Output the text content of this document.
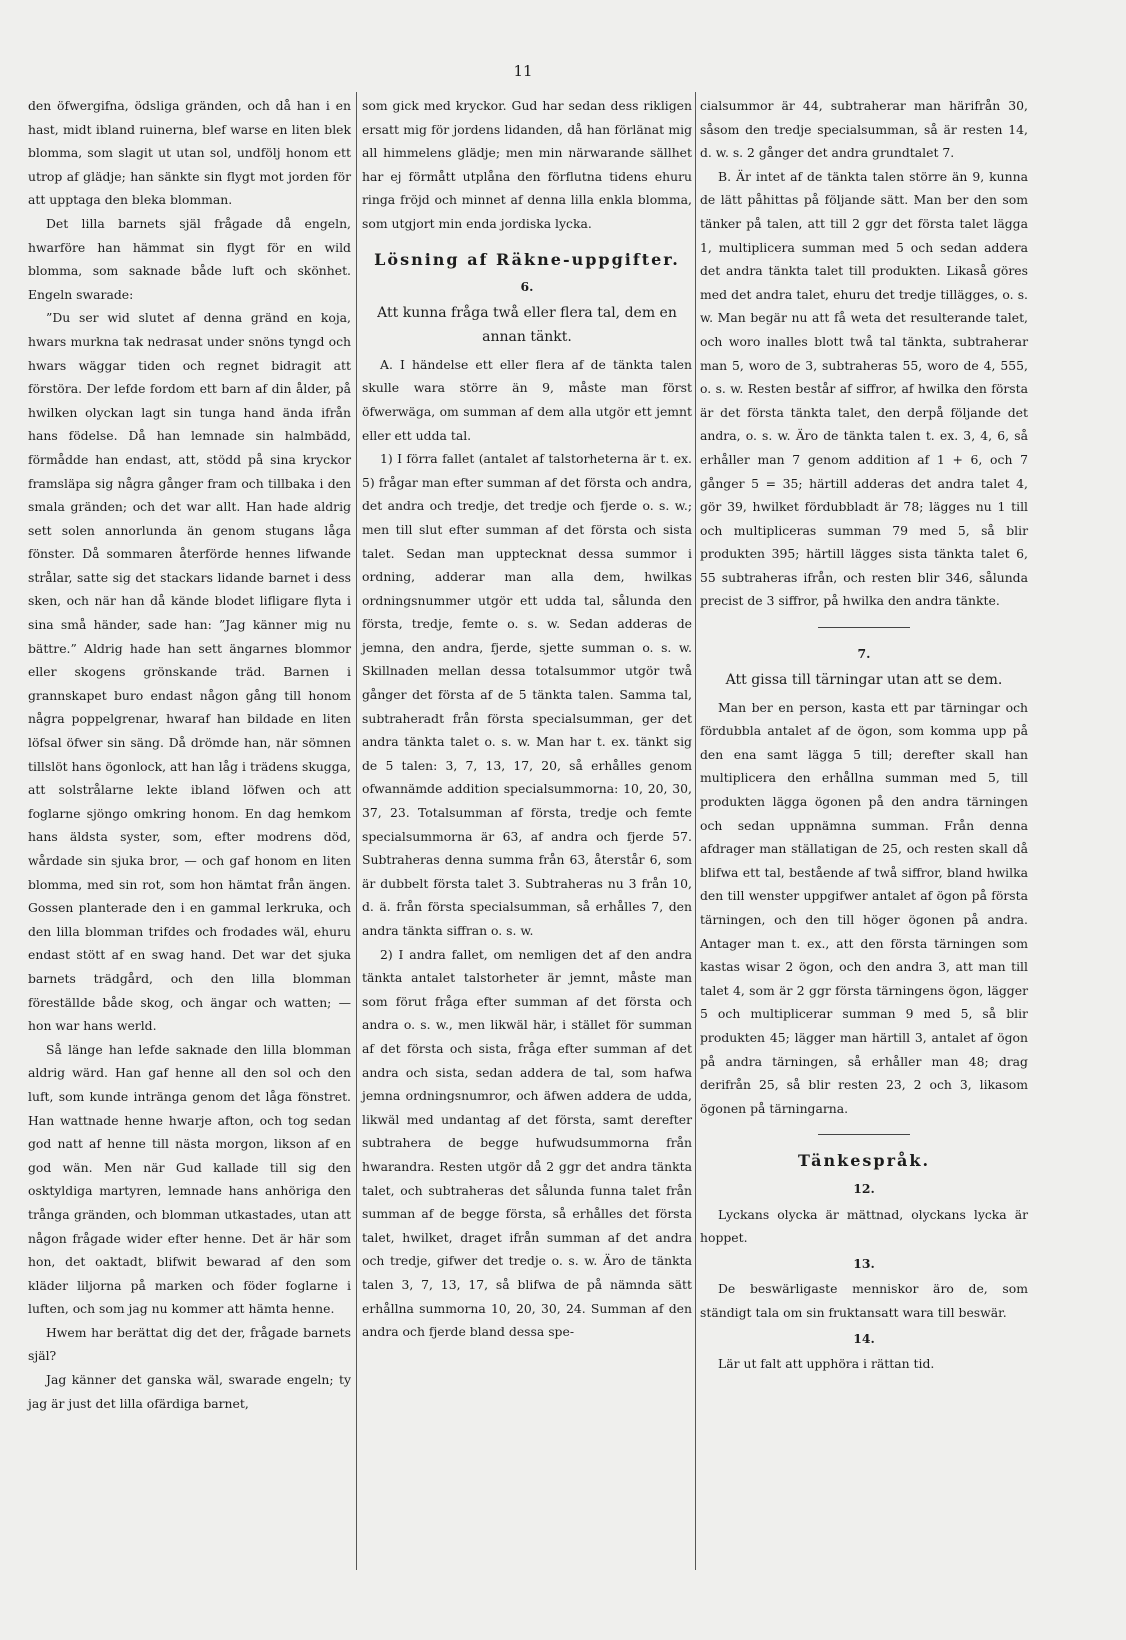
11

den öfwergifna, ödsliga gränden, och då han i en hast, midt ibland ruinerna, blef warse en liten blek blomma, som slagit ut utan sol, undfölj honom ett utrop af glädje; han sänkte sin flygt mot jorden för att upptaga den bleka blomman.

Det lilla barnets själ frågade då engeln, hwarföre han hämmat sin flygt för en wild blomma, som saknade både luft och skönhet. Engeln swarade:

”Du ser wid slutet af denna gränd en koja, hwars murkna tak nedrasat under snöns tyngd och hwars wäggar tiden och regnet bidragit att förstöra. Der lefde fordom ett barn af din ålder, på hwilken olyckan lagt sin tunga hand ända ifrån hans födelse. Då han lemnade sin halmbädd, förmådde han endast, att, stödd på sina kryckor framsläpa sig några gånger fram och tillbaka i den smala gränden; och det war allt. Han hade aldrig sett solen annorlunda än genom stugans låga fönster. Då sommaren återförde hennes lifwande strålar, satte sig det stackars lidande barnet i dess sken, och när han då kände blodet lifligare flyta i sina små händer, sade han: ”Jag känner mig nu bättre.” Aldrig hade han sett ängarnes blommor eller skogens grönskande träd. Barnen i grannskapet buro endast någon gång till honom några poppelgrenar, hwaraf han bildade en liten löfsal öfwer sin säng. Då drömde han, när sömnen tillslöt hans ögonlock, att han låg i trädens skugga, att solstrålarne lekte ibland löfwen och att foglarne sjöngo omkring honom. En dag hemkom hans äldsta syster, som, efter modrens död, wårdade sin sjuka bror, — och gaf honom en liten blomma, med sin rot, som hon hämtat från ängen. Gossen planterade den i en gammal lerkruka, och den lilla blomman trifdes och frodades wäl, ehuru endast stött af en swag hand. Det war det sjuka barnets trädgård, och den lilla blomman föreställde både skog, och ängar och watten; — hon war hans werld.

Så länge han lefde saknade den lilla blomman aldrig wärd. Han gaf henne all den sol och den luft, som kunde intränga genom det låga fönstret. Han wattnade henne hwarje afton, och tog sedan god natt af henne till nästa morgon, likson af en god wän. Men när Gud kallade till sig den osktyldiga martyren, lemnade hans anhöriga den trånga gränden, och blomman utkastades, utan att någon frågade wider efter henne. Det är här som hon, det oaktadt, blifwit bewarad af den som kläder liljorna på marken och föder foglarne i luften, och som jag nu kommer att hämta henne.

Hwem har berättat dig det der, frågade barnets själ?

Jag känner det ganska wäl, swarade engeln; ty jag är just det lilla ofärdiga barnet,

som gick med kryckor. Gud har sedan dess rikligen ersatt mig för jordens lidanden, då han förlänat mig all himmelens glädje; men min närwarande sällhet har ej förmått utplåna den förflutna tidens ehuru ringa fröjd och minnet af denna lilla enkla blomma, som utgjort min enda jordiska lycka.

Lösning af Räkne-uppgifter.
6.
Att kunna fråga twå eller flera tal, dem en annan tänkt.

A. I händelse ett eller flera af de tänkta talen skulle wara större än 9, måste man först öfwerwäga, om summan af dem alla utgör ett jemnt eller ett udda tal.

1) I förra fallet (antalet af talstorheterna är t. ex. 5) frågar man efter summan af det första och andra, det andra och tredje, det tredje och fjerde o. s. w.; men till slut efter summan af det första och sista talet. Sedan man upptecknat dessa summor i ordning, adderar man alla dem, hwilkas ordningsnummer utgör ett udda tal, sålunda den första, tredje, femte o. s. w. Sedan adderas de jemna, den andra, fjerde, sjette summan o. s. w. Skillnaden mellan dessa totalsummor utgör twå gånger det första af de 5 tänkta talen. Samma tal, subtraheradt från första specialsumman, ger det andra tänkta talet o. s. w. Man har t. ex. tänkt sig de 5 talen: 3, 7, 13, 17, 20, så erhålles genom ofwannämde addition specialsummorna: 10, 20, 30, 37, 23. Totalsumman af första, tredje och femte specialsummorna är 63, af andra och fjerde 57. Subtraheras denna summa från 63, återstår 6, som är dubbelt första talet 3. Subtraheras nu 3 från 10, d. ä. från första specialsumman, så erhålles 7, den andra tänkta siffran o. s. w.

2) I andra fallet, om nemligen det af den andra tänkta antalet talstorheter är jemnt, måste man som förut fråga efter summan af det första och andra o. s. w., men likwäl här, i stället för summan af det första och sista, fråga efter summan af det andra och sista, sedan addera de tal, som hafwa jemna ordningsnumror, och äfwen addera de udda, likwäl med undantag af det första, samt derefter subtrahera de begge hufwudsummorna från hwarandra. Resten utgör då 2 ggr det andra tänkta talet, och subtraheras det sålunda funna talet från summan af de begge första, så erhålles det första talet, hwilket, draget ifrån summan af det andra och tredje, gifwer det tredje o. s. w. Äro de tänkta talen 3, 7, 13, 17, så blifwa de på nämnda sätt erhållna summorna 10, 20, 30, 24. Summan af den andra och fjerde bland dessa spe-

cialsummor är 44, subtraherar man härifrån 30, såsom den tredje specialsumman, så är resten 14, d. w. s. 2 gånger det andra grundtalet 7.

B. Är intet af de tänkta talen större än 9, kunna de lätt påhittas på följande sätt. Man ber den som tänker på talen, att till 2 ggr det första talet lägga 1, multiplicera summan med 5 och sedan addera det andra tänkta talet till produkten. Likaså göres med det andra talet, ehuru det tredje tillägges, o. s. w. Man begär nu att få weta det resulterande talet, och woro inalles blott twå tal tänkta, subtraherar man 5, woro de 3, subtraheras 55, woro de 4, 555, o. s. w. Resten består af siffror, af hwilka den första är det första tänkta talet, den derpå följande det andra, o. s. w. Äro de tänkta talen t. ex. 3, 4, 6, så erhåller man 7 genom addition af 1 + 6, och 7 gånger 5 = 35; härtill adderas det andra talet 4, gör 39, hwilket fördubbladt är 78; lägges nu 1 till och multipliceras summan 79 med 5, så blir produkten 395; härtill lägges sista tänkta talet 6, 55 subtraheras ifrån, och resten blir 346, sålunda precist de 3 siffror, på hwilka den andra tänkte.

7.
Att gissa till tärningar utan att se dem.

Man ber en person, kasta ett par tärningar och fördubbla antalet af de ögon, som komma upp på den ena samt lägga 5 till; derefter skall han multiplicera den erhållna summan med 5, till produkten lägga ögonen på den andra tärningen och sedan uppnämna summan. Från denna afdrager man ställatigan de 25, och resten skall då blifwa ett tal, bestående af twå siffror, bland hwilka den till wenster uppgifwer antalet af ögon på första tärningen, och den till höger ögonen på andra. Antager man t. ex., att den första tärningen som kastas wisar 2 ögon, och den andra 3, att man till talet 4, som är 2 ggr första tärningens ögon, lägger 5 och multiplicerar summan 9 med 5, så blir produkten 45; lägger man härtill 3, antalet af ögon på andra tärningen, så erhåller man 48; drag derifrån 25, så blir resten 23, 2 och 3, likasom ögonen på tärningarna.

Tänkespråk.
12.

Lyckans olycka är mättnad, olyckans lycka är hoppet.

13.

De beswärligaste menniskor äro de, som ständigt tala om sin fruktansatt wara till beswär.

14.

Lär ut falt att upphöra i rättan tid.
